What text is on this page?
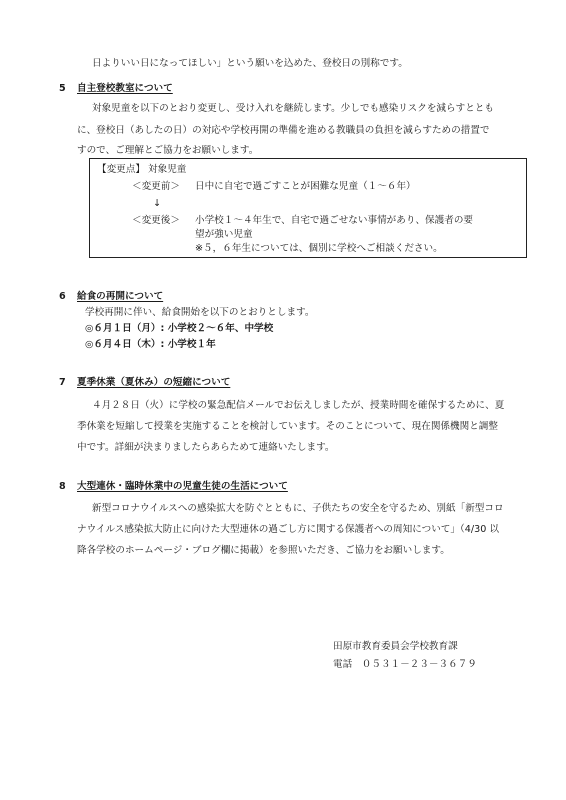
日よりいい日になってほしい」という願いを込めた、登校日の別称です。
5 自主登校教室について
対象児童を以下のとおり変更し、受け入れを継続します。少しでも感染リスクを減らすととも
に、登校日（あしたの日）の対応や学校再開の準備を進める教職員の負担を減らすための措置で
すので、ご理解とご協力をお願いします。
【変更点】 対象児童
＜変更前＞ 日中に自宅で過ごすことが困難な児童（１～６年）
↓
＜変更後＞ 小学校１～４年生で、自宅で過ごせない事情があり、保護者の要
望が強い児童
※５，６年生については、個別に学校へご相談ください。
6 給食の再開について
学校再開に伴い、給食開始を以下のとおりとします。
◎６月１日（月）: 小学校２～６年、中学校
◎６月４日（木）: 小学校１年
7 夏季休業（夏休み）の短縮について
４月２８日（火）に学校の緊急配信メールでお伝えしましたが、授業時間を確保するために、夏
季休業を短縮して授業を実施することを検討しています。そのことについて、現在関係機関と調整
中です。詳細が決まりましたらあらためて連絡いたします。
8 大型連休・臨時休業中の児童生徒の生活について
新型コロナウイルスへの感染拡大を防ぐとともに、子供たちの安全を守るため、別紙「新型コロ
ナウイルス感染拡大防止に向けた大型連休の過ごし方に関する保護者への周知について」（4/30 以
降各学校のホームページ・ブログ欄に掲載）を参照いただき、ご協力をお願いします。
田原市教育委員会学校教育課
電話　０５３１－２３－３６７９
